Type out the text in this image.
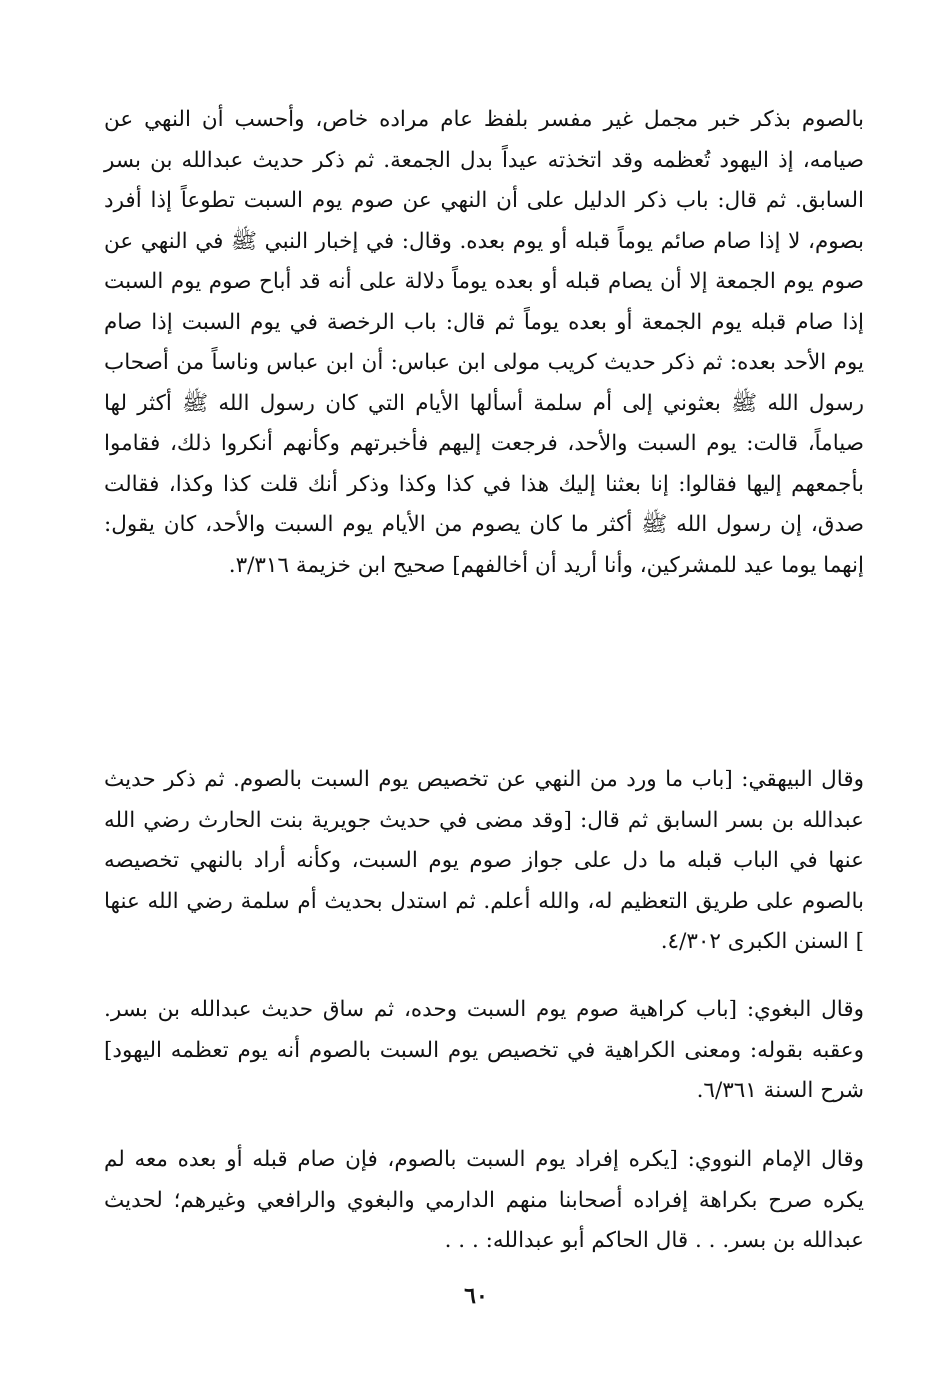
بالصوم بذكر خبر مجمل غير مفسر بلفظ عام مراده خاص، وأحسب أن النهي عن صيامه، إذ اليهود تُعظمه وقد اتخذته عيداً بدل الجمعة. ثم ذكر حديث عبدالله بن بسر السابق. ثم قال: باب ذكر الدليل على أن النهي عن صوم يوم السبت تطوعاً إذا أفرد بصوم، لا إذا صام صائم يوماً قبله أو يوم بعده. وقال: في إخبار النبي ﷺ في النهي عن صوم يوم الجمعة إلا أن يصام قبله أو بعده يوماً دلالة على أنه قد أباح صوم يوم السبت إذا صام قبله يوم الجمعة أو بعده يوماً ثم قال: باب الرخصة في يوم السبت إذا صام يوم الأحد بعده: ثم ذكر حديث كريب مولى ابن عباس: أن ابن عباس وناساً من أصحاب رسول الله ﷺ بعثوني إلى أم سلمة أسألها الأيام التي كان رسول الله ﷺ أكثر لها صياماً، قالت: يوم السبت والأحد، فرجعت إليهم فأخبرتهم وكأنهم أنكروا ذلك، فقاموا بأجمعهم إليها فقالوا: إنا بعثنا إليك هذا في كذا وكذا وذكر أنك قلت كذا وكذا، فقالت صدق، إن رسول الله ﷺ أكثر ما كان يصوم من الأيام يوم السبت والأحد، كان يقول: إنهما يوما عيد للمشركين، وأنا أريد أن أخالفهم] صحيح ابن خزيمة ٣/٣١٦.

وقال البيهقي: [باب ما ورد من النهي عن تخصيص يوم السبت بالصوم. ثم ذكر حديث عبدالله بن بسر السابق ثم قال: [وقد مضى في حديث جويرية بنت الحارث رضي الله عنها في الباب قبله ما دل على جواز صوم يوم السبت، وكأنه أراد بالنهي تخصيصه بالصوم على طريق التعظيم له، والله أعلم. ثم استدل بحديث أم سلمة رضي الله عنها ] السنن الكبرى ٤/٣٠٢.

وقال البغوي: [باب كراهية صوم يوم السبت وحده، ثم ساق حديث عبدالله بن بسر. وعقبه بقوله: ومعنى الكراهية في تخصيص يوم السبت بالصوم أنه يوم تعظمه اليهود] شرح السنة ٦/٣٦١.

وقال الإمام النووي: [يكره إفراد يوم السبت بالصوم، فإن صام قبله أو بعده معه لم يكره صرح بكراهة إفراده أصحابنا منهم الدارمي والبغوي والرافعي وغيرهم؛ لحديث عبدالله بن بسر. . . قال الحاكم أبو عبدالله: . . .

٦٠
